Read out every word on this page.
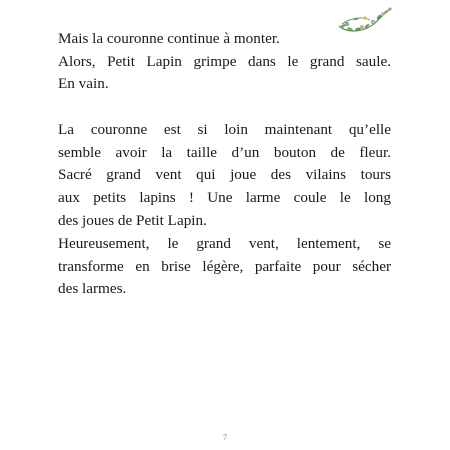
Mais la couronne continue à monter.
Alors, Petit Lapin grimpe dans le grand saule.
En vain.
La couronne est si loin maintenant qu’elle
semble avoir la taille d’un bouton de fleur.
Sacré grand vent qui joue des vilains tours
aux petits lapins ! Une larme coule le long
des joues de Petit Lapin.
Heureusement, le grand vent, lentement, se
transforme en brise légère, parfaite pour sécher
des larmes.
7
